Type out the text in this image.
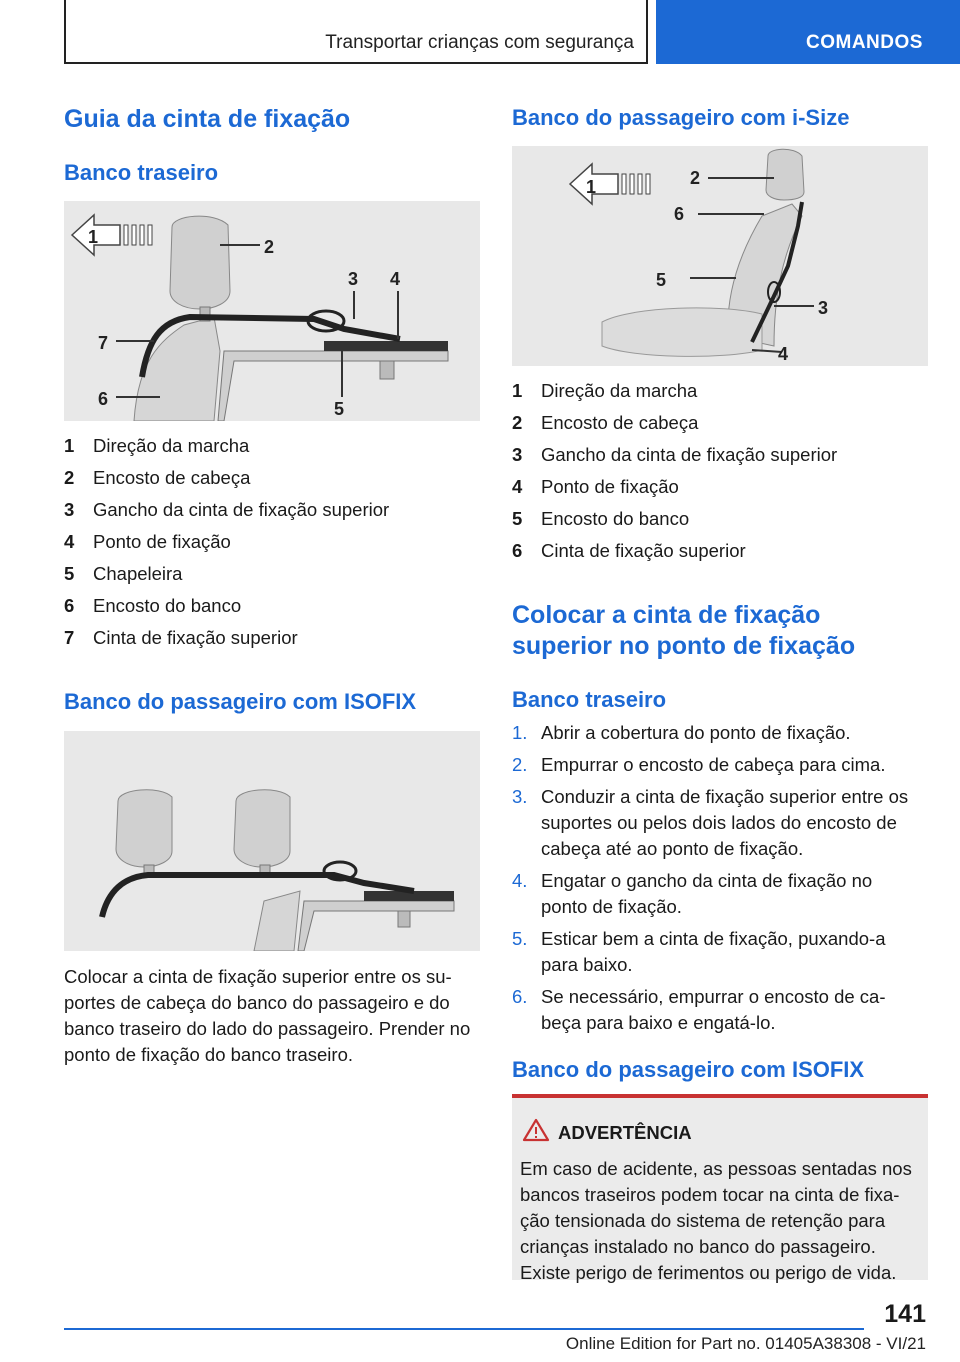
Transportar crianças com segurança	COMANDOS
Guia da cinta de fixação
Banco traseiro
1	2
3 4
5
6
7
1	Direção da marcha
2	Encosto de cabeça
3	Gancho da cinta de fixação superior
4	Ponto de fixação
5	Chapeleira
6	Encosto do banco
7	Cinta de fixação superior
Banco do passageiro com ISOFIX
Colocar a cinta de fixação superior entre os su-
portes de cabeça do banco do passageiro e do
banco traseiro do lado do passageiro. Prender no
ponto de fixação do banco traseiro.
Banco do passageiro com i-Size
1	2
3
4
5
6
1	Direção da marcha
2	Encosto de cabeça
3	Gancho da cinta de fixação superior
4	Ponto de fixação
5	Encosto do banco
6	Cinta de fixação superior
Colocar a cinta de fixação
superior no ponto de fixação
Banco traseiro
1. Abrir a cobertura do ponto de fixação.
2. Empurrar o encosto de cabeça para cima.
3. Conduzir a cinta de fixação superior entre os
suportes ou pelos dois lados do encosto de
cabeça até ao ponto de fixação.
4. Engatar o gancho da cinta de fixação no
ponto de fixação.
5. Esticar bem a cinta de fixação, puxando-a
para baixo.
6. Se necessário, empurrar o encosto de ca-
beça para baixo e engatá-lo.
Banco do passageiro com ISOFIX
ADVERTÊNCIA
Em caso de acidente, as pessoas sentadas nos
bancos traseiros podem tocar na cinta de fixa-
ção tensionada do sistema de retenção para
crianças instalado no banco do passageiro.
Existe perigo de ferimentos ou perigo de vida.
141
Online Edition for Part no. 01405A38308 - VI/21
